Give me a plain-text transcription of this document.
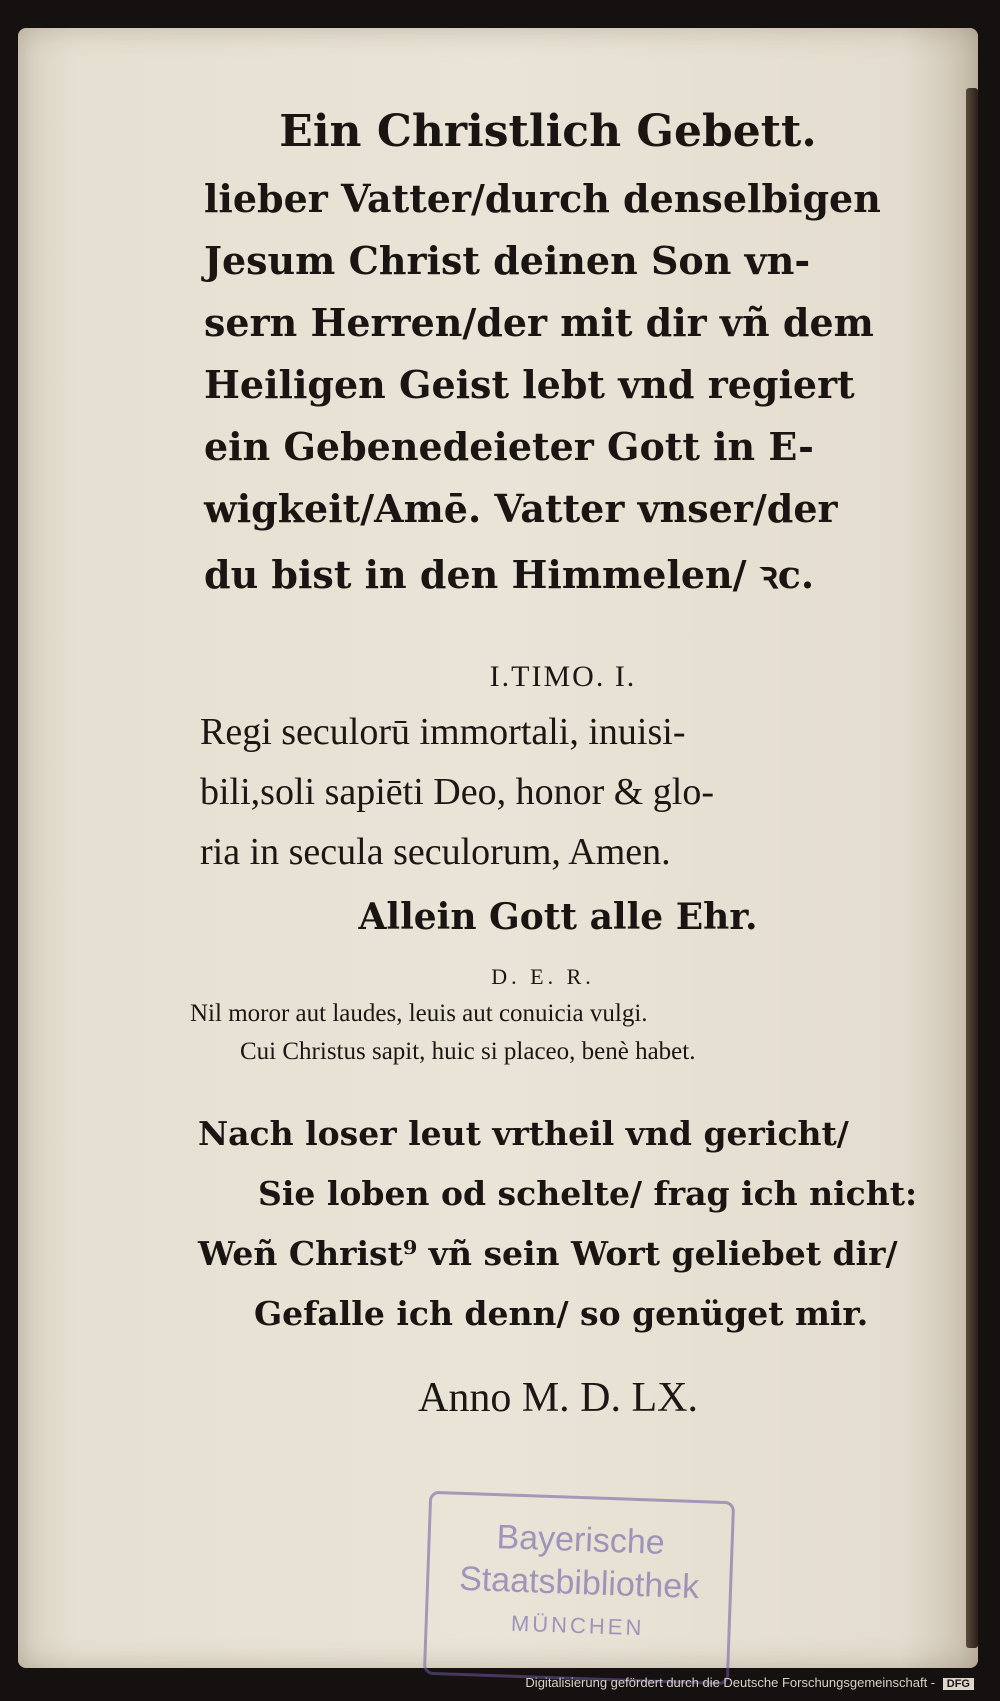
Ein Christlich Gebett.
lieber Vatter/durch denselbigen
Jesum Christ deinen Son vn-
sern Herren/der mit dir vñ dem
Heiligen Geist lebt vnd regiert
ein Gebenedeieter Gott in E-
wigkeit/Amē. Vatter vnser/der
du bist in den Himmelen/ ꝛc.
I.TIMO. I.
Regi seculorū immortali, inuisi-
bili,soli sapiēti Deo, honor & glo-
ria in secula seculorum, Amen.
Allein Gott alle Ehr.
D. E. R.
Nil moror aut laudes, leuis aut conuicia vulgi.
Cui Christus sapit, huic si placeo, benè habet.
Nach loser leut vrtheil vnd gericht/
Sie loben od schelte/ frag ich nicht:
Weñ Christ⁹ vñ sein Wort geliebet dir/
Gefalle ich denn/ so genüget mir.
Anno M. D. LX.
Bayerische
Staatsbibliothek
MÜNCHEN
Digitalisierung gefördert durch die Deutsche Forschungsgemeinschaft - DFG
